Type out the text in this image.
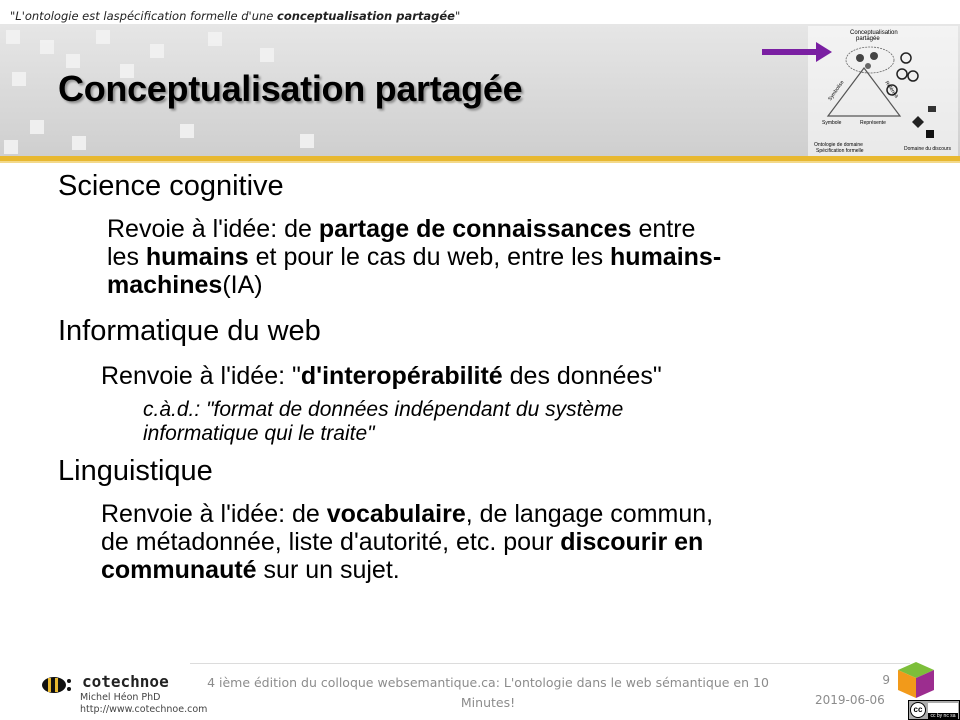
"L'ontologie est laspécification formelle d'une conceptualisation partagée"
Conceptualisation partagée
Conceptualisation
partagée
Symbolise	Réfère à
Représente
Symbole
Ontologie de domaine
Spécification formelle	Domaine du discours
Science cognitive
Revoie à l'idée: de partage de connaissances entre
les humains et pour le cas du web, entre les humains-
machines(IA)
Informatique du web
Renvoie à l'idée: "d'interopérabilité des données"
c.à.d.: "format de données indépendant du système
informatique qui le traite"
Linguistique
Renvoie à l'idée: de vocabulaire, de langage commun,
de métadonnée, liste d'autorité, etc. pour discourir en
communauté sur un sujet.
cotechnoe
Michel Héon PhD
http://www.cotechnoe.com
4 ième édition du colloque websemantique.ca: L'ontologie dans le web sémantique en 10
Minutes!
9
2019-06-06
cc
cc by nc sa
